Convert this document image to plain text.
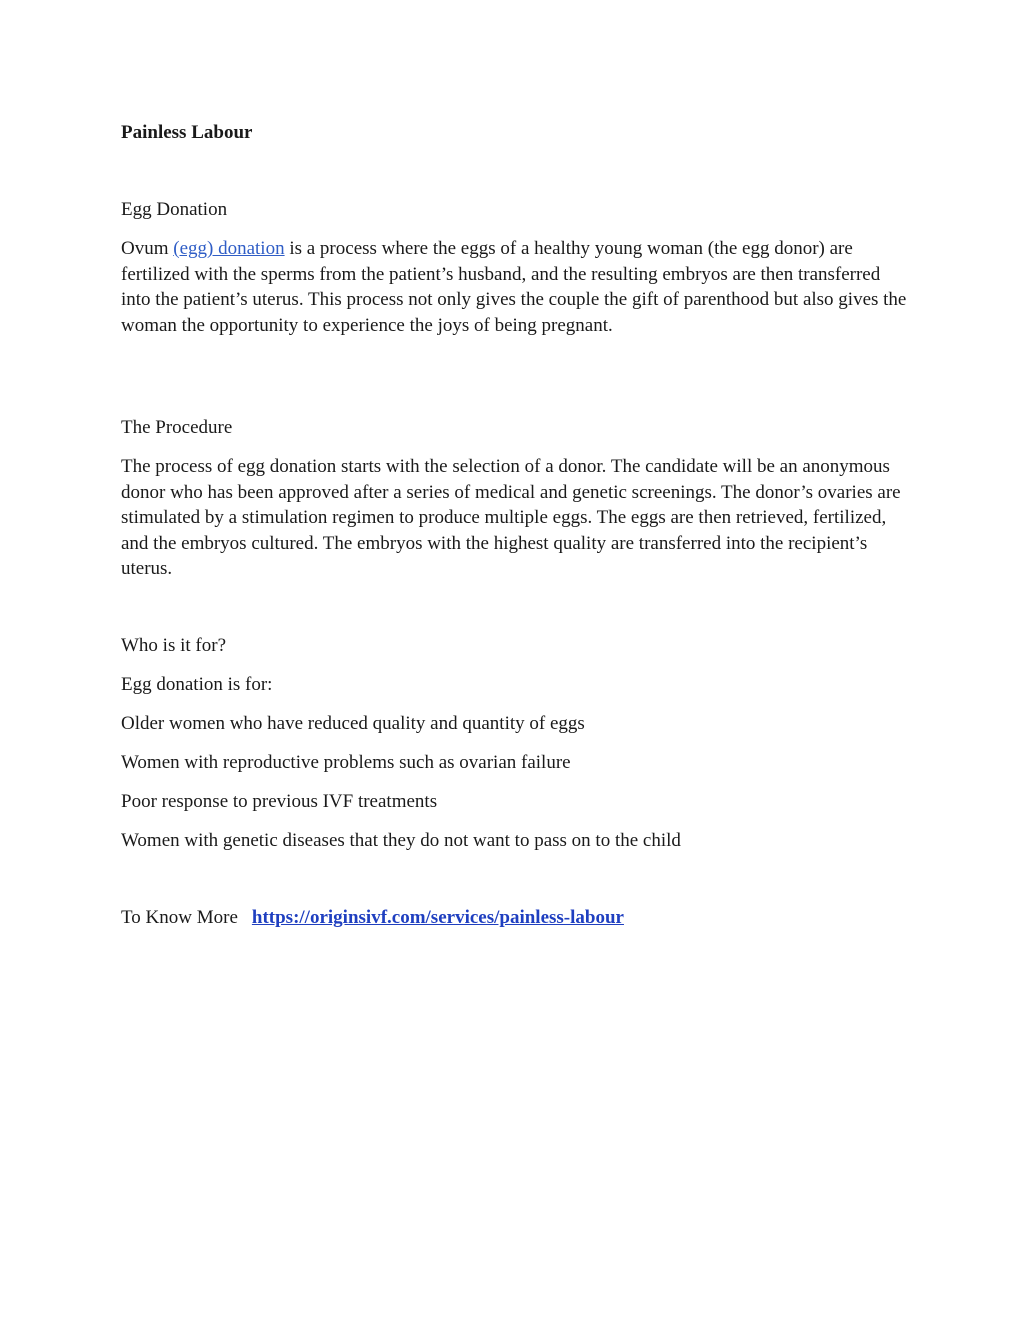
Painless Labour

Egg Donation

Ovum (egg) donation is a process where the eggs of a healthy young woman (the egg donor) are fertilized with the sperms from the patient’s husband, and the resulting embryos are then transferred into the patient’s uterus. This process not only gives the couple the gift of parenthood but also gives the woman the opportunity to experience the joys of being pregnant.

The Procedure

The process of egg donation starts with the selection of a donor. The candidate will be an anonymous donor who has been approved after a series of medical and genetic screenings. The donor’s ovaries are stimulated by a stimulation regimen to produce multiple eggs. The eggs are then retrieved, fertilized, and the embryos cultured. The embryos with the highest quality are transferred into the recipient’s uterus.

Who is it for?

Egg donation is for:

Older women who have reduced quality and quantity of eggs

Women with reproductive problems such as ovarian failure

Poor response to previous IVF treatments

Women with genetic diseases that they do not want to pass on to the child

To Know More https://originsivf.com/services/painless-labour
